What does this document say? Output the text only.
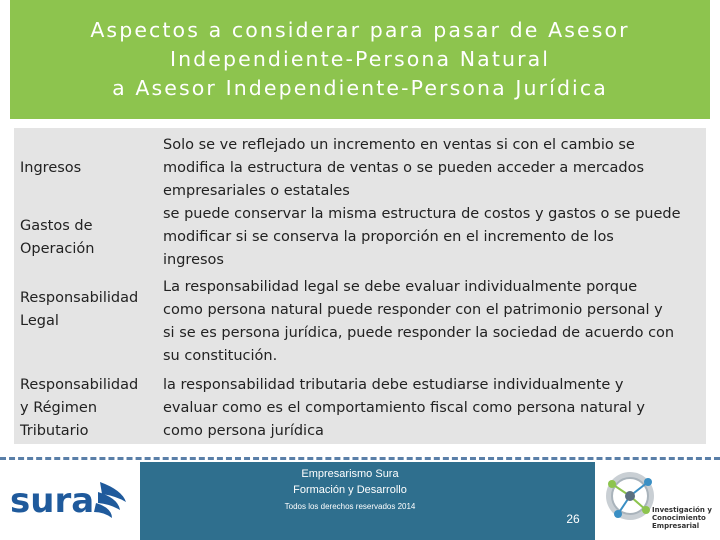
Aspectos a considerar para pasar de Asesor
Independiente-Persona Natural
a Asesor Independiente-Persona Jurídica
Ingresos
Solo se ve reflejado un incremento en ventas si con el cambio se
modifica la estructura de ventas o se pueden acceder a mercados
empresariales o estatales
Gastos de
Operación
se puede conservar la misma estructura de costos y gastos o se puede
modificar si se conserva la proporción en el incremento de los
ingresos
Responsabilidad
Legal
La responsabilidad legal se debe evaluar individualmente porque
como persona natural puede responder con el patrimonio personal y
si se es persona jurídica, puede responder la sociedad de acuerdo con
su constitución.
Responsabilidad
y Régimen
Tributario
la responsabilidad tributaria debe estudiarse individualmente y
evaluar como es el comportamiento fiscal como persona natural y
como persona jurídica
sura
Empresarismo Sura
Formación y Desarrollo
Todos los derechos reservados 2014
26
Investigación y
Conocimiento
Empresarial
